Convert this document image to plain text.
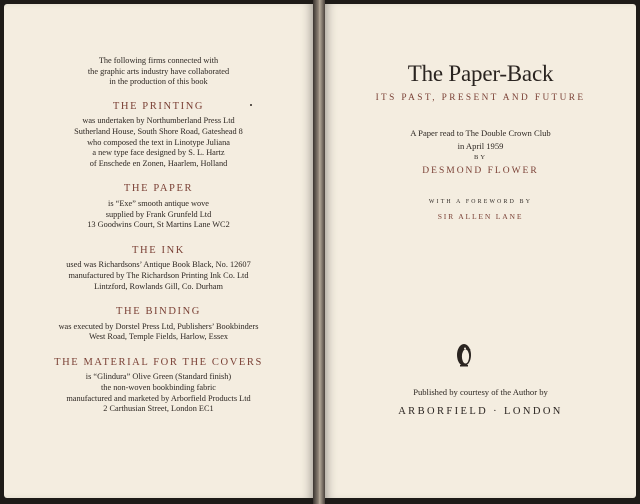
The following firms connected with
the graphic arts industry have collaborated
in the production of this book
THE PRINTING
was undertaken by Northumberland Press Ltd
Sutherland House, South Shore Road, Gateshead 8
who composed the text in Linotype Juliana
a new type face designed by S. L. Hartz
of Enschede en Zonen, Haarlem, Holland
THE PAPER
is “Exe” smooth antique wove
supplied by Frank Grunfeld Ltd
13 Goodwins Court, St Martins Lane WC2
THE INK
used was Richardsons’ Antique Book Black, No. 12607
manufactured by The Richardson Printing Ink Co. Ltd
Lintzford, Rowlands Gill, Co. Durham
THE BINDING
was executed by Dorstel Press Ltd, Publishers’ Bookbinders
West Road, Temple Fields, Harlow, Essex
THE MATERIAL FOR THE COVERS
is “Glindura” Olive Green (Standard finish)
the non-woven bookbinding fabric
manufactured and marketed by Arborfield Products Ltd
2 Carthusian Street, London EC1
The Paper-Back
ITS PAST, PRESENT AND FUTURE
A Paper read to The Double Crown Club
in April 1959
BY
DESMOND FLOWER
WITH A FOREWORD BY
SIR ALLEN LANE
Published by courtesy of the Author by
ARBORFIELD · LONDON
